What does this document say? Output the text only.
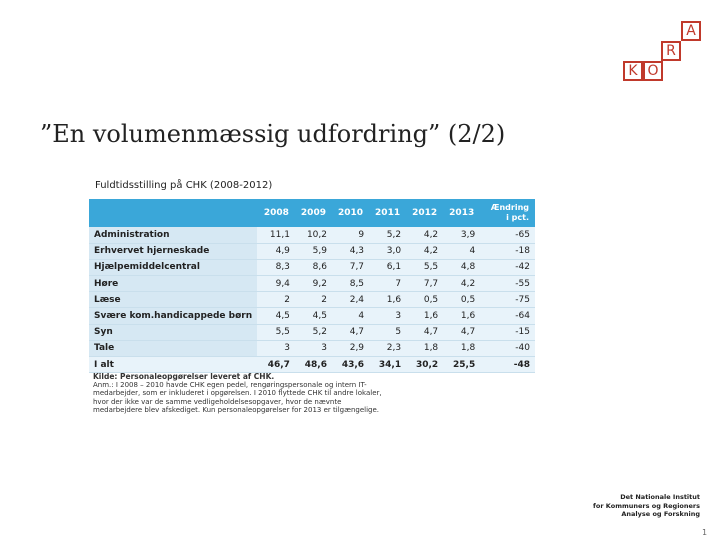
A
R
K O
”En volumenmæssig udfordring” (2/2)
Fuldtidsstilling på CHK (2008-2012)
	2008	2009	2010	2011	2012	2013	Ændring i pct.
Administration	11,1	10,2	9	5,2	4,2	3,9	-65
Erhvervet hjerneskade	4,9	5,9	4,3	3,0	4,2	4	-18
Hjælpemiddelcentral	8,3	8,6	7,7	6,1	5,5	4,8	-42
Høre	9,4	9,2	8,5	7	7,7	4,2	-55
Læse	2	2	2,4	1,6	0,5	0,5	-75
Svære kom.handicappede børn	4,5	4,5	4	3	1,6	1,6	-64
Syn	5,5	5,2	4,7	5	4,7	4,7	-15
Tale	3	3	2,9	2,3	1,8	1,8	-40
I alt	46,7	48,6	43,6	34,1	30,2	25,5	-48
Kilde: Personaleopgørelser leveret af CHK.
Anm.: I 2008 – 2010 havde CHK egen pedel, rengøringspersonale og intern IT-medarbejder, som er inkluderet i opgørelsen. I 2010 flyttede CHK til andre lokaler, hvor der ikke var de samme vedligeholdelsesopgaver, hvor de nævnte medarbejdere blev afskediget. Kun personaleopgørelser for 2013 er tilgængelige.
Det Nationale Institut
for Kommuners og Regioners
Analyse og Forskning
1
